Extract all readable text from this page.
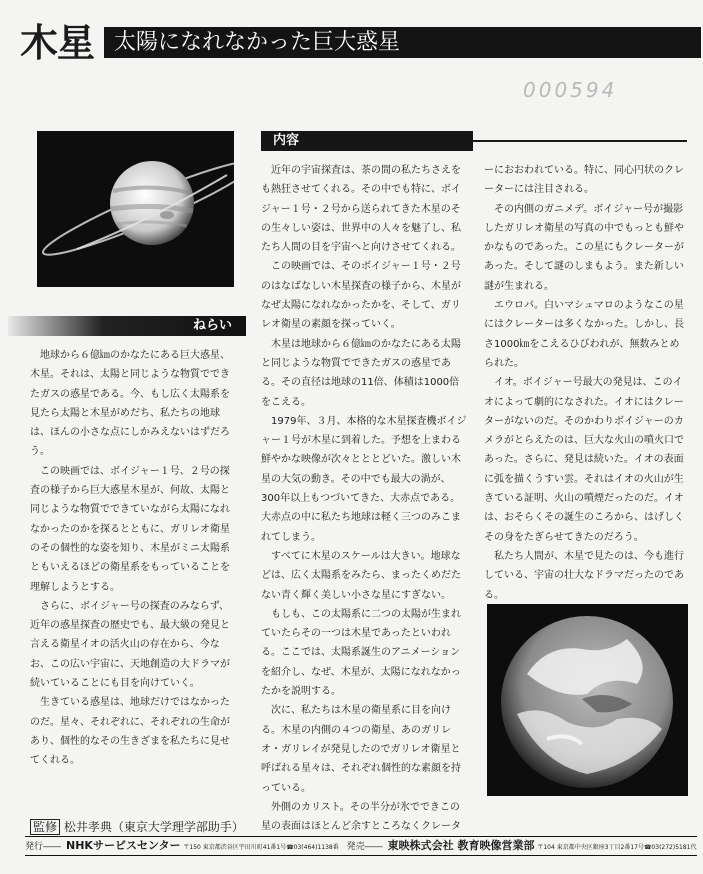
木星 太陽になれなかった巨大惑星
000594
ねらい
内容

地球から６億㎞のかなたにある巨大惑星、木星。それは、太陽と同じような物質でできたガスの惑星である。今、もし広く太陽系を見たら太陽と木星がめだち、私たちの地球は、ほんの小さな点にしかみえないはずだろう。

この映画では、ボイジャー１号、２号の探査の様子から巨大惑星木星が、何故、太陽と同じような物質でできていながら太陽になれなかったのかを探るとともに、ガリレオ衛星のその個性的な姿を知り、木星がミニ太陽系ともいえるほどの衛星系をもっていることを理解しようとする。

さらに、ボイジャー号の探査のみならず、近年の惑星探査の歴史でも、最大級の発見と言える衛星イオの活火山の存在から、今なお、この広い宇宙に、天地創造の大ドラマが続いていることにも目を向けていく。

生きている惑星は、地球だけではなかったのだ。星々、それぞれに、それぞれの生命があり、個性的なその生きざまを私たちに見せてくれる。

近年の宇宙探査は、茶の間の私たちさえをも熱狂させてくれる。その中でも特に、ボイジャー１号・２号から送られてきた木星のその生々しい姿は、世界中の人々を魅了し、私たち人間の目を宇宙へと向けさせてくれる。

この映画では、そのボイジャー１号・２号のはなばなしい木星探査の様子から、木星がなぜ太陽になれなかったかを、そして、ガリレオ衛星の素顔を探っていく。

木星は地球から６億㎞のかなたにある太陽と同じような物質でできたガスの惑星である。その直径は地球の11倍、体積は1000倍をこえる。

1979年、３月、本格的な木星探査機ボイジャー１号が木星に到着した。予想を上まわる鮮やかな映像が次々とととどいた。激しい木星の大気の動き。その中でも最大の渦が、300年以上もつづいてきた、大赤点である。大赤点の中に私たち地球は軽く三つのみこまれてしまう。

すべてに木星のスケールは大きい。地球などは、広く太陽系をみたら、まったくめだたない青く輝く美しい小さな星にすぎない。

もしも、この太陽系に二つの太陽が生まれていたらその一つは木星であったといわれる。ここでは、太陽系誕生のアニメーションを紹介し、なぜ、木星が、太陽になれなかったかを説明する。

次に、私たちは木星の衛星系に目を向ける。木星の内側の４つの衛星、あのガリレオ・ガリレイが発見したのでガリレオ衛星と呼ばれる星々は、それぞれ個性的な素顔を持っている。

外側のカリスト。その半分が氷でできこの星の表面はほとんど余すところなくクレータ

ーにおおわれている。特に、同心円状のクレーターには注目される。

その内側のガニメデ。ボイジャー号が撮影したガリレオ衛星の写真の中でもっとも鮮やかなものであった。この星にもクレーターがあった。そして謎のしまもよう。また新しい謎が生まれる。

エウロパ。白いマシュマロのようなこの星にはクレーターは多くなかった。しかし、長さ1000㎞をこえるひびわれが、無数みとめられた。

イオ。ボイジャー号最大の発見は、このイオによって劇的になされた。イオにはクレーターがないのだ。そのかわりボイジャーのカメラがとらえたのは、巨大な火山の噴火口であった。さらに、発見は続いた。イオの表面に弧を描くうすい雲。それはイオの火山が生きている証明、火山の噴煙だったのだ。イオは、おそらくその誕生のころから、はげしくその身をたぎらせてきたのだろう。

私たち人間が、木星で見たのは、今も進行している、宇宙の壮大なドラマだったのである。

監修 松井孝典（東京大学理学部助手）
発行―― NHKサービスセンター 〒150 東京都渋谷区宇田川町41番1号☎03(464)1138番 発売―― 東映株式会社 教育映像営業部 〒104 東京都中央区銀座3丁目2番17号☎03(272)5181代
